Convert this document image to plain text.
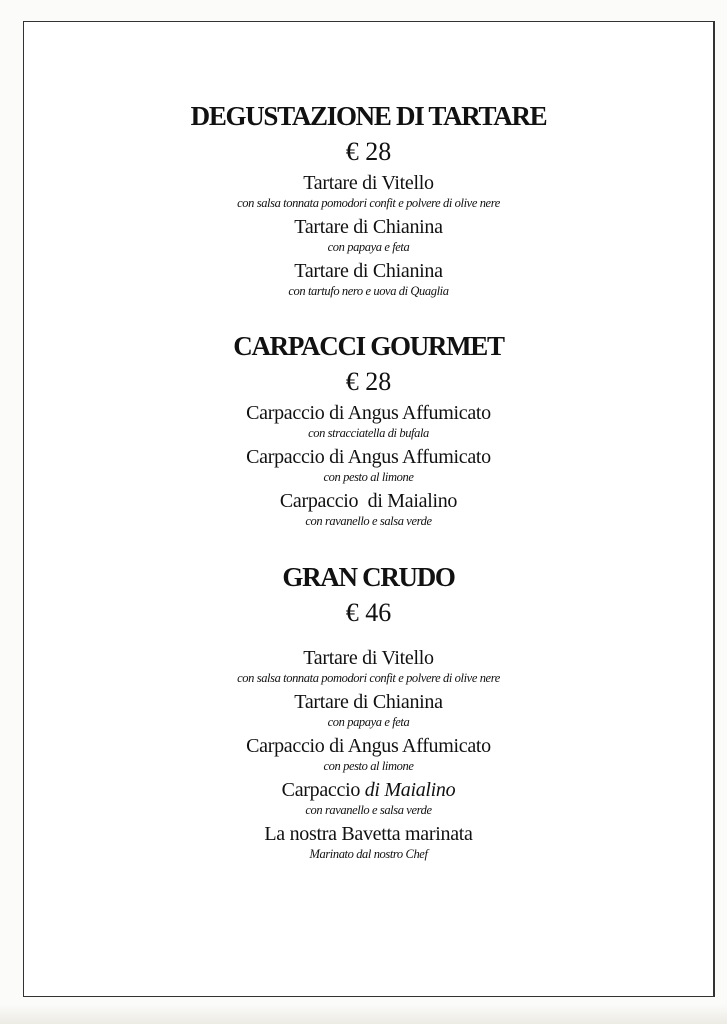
DEGUSTAZIONE DI TARTARE
€ 28
Tartare di Vitello
con salsa tonnata pomodori confit e polvere di olive nere
Tartare di Chianina
con papaya e feta
Tartare di Chianina
con tartufo nero e uova di Quaglia
CARPACCI GOURMET
€ 28
Carpaccio di Angus Affumicato
con stracciatella di bufala
Carpaccio di Angus Affumicato
con pesto al limone
Carpaccio  di Maialino
con ravanello e salsa verde
GRAN CRUDO
€ 46
Tartare di Vitello
con salsa tonnata pomodori confit e polvere di olive nere
Tartare di Chianina
con papaya e feta
Carpaccio di Angus Affumicato
con pesto al limone
Carpaccio di Maialino
con ravanello e salsa verde
La nostra Bavetta marinata
Marinato dal nostro Chef
